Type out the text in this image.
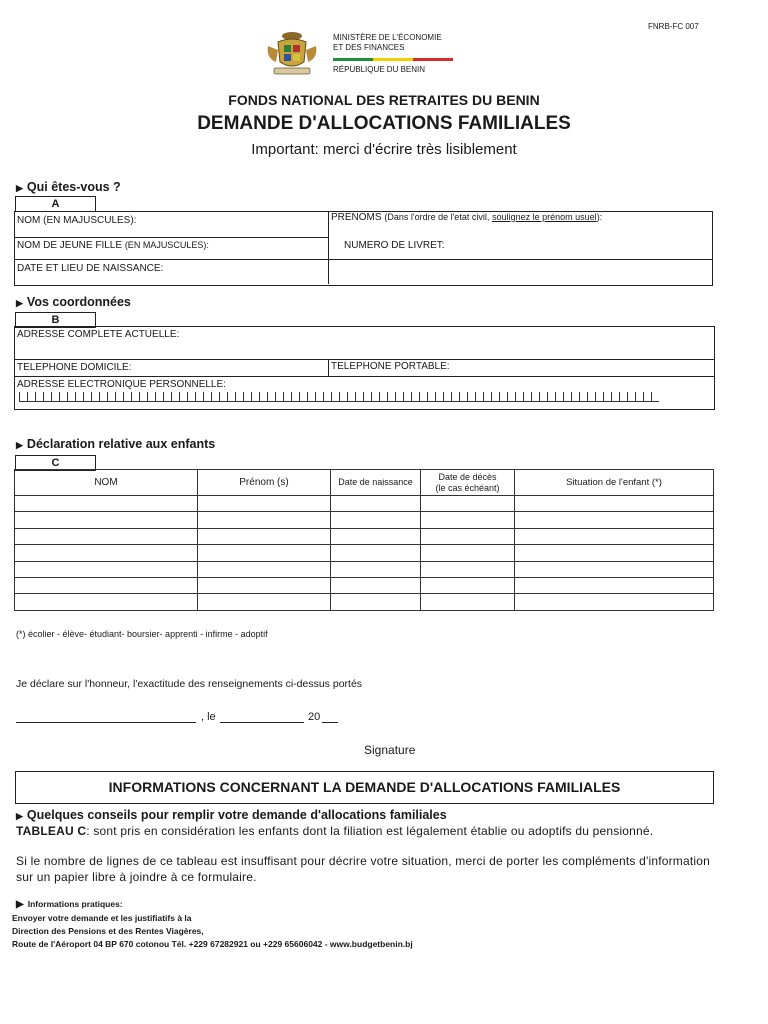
FNRB-FC 007
MINISTÈRE DE L'ÉCONOMIE
ET DES FINANCES
RÉPUBLIQUE DU BENIN
FONDS NATIONAL DES RETRAITES DU BENIN
DEMANDE D'ALLOCATIONS FAMILIALES
Important: merci d'écrire très lisiblement
▶ Qui êtes-vous ?
A
NOM (EN MAJUSCULES):	PRENOMS (Dans l'ordre de l'etat civil, soulignez le prénom usuel):
NOM DE JEUNE FILLE (EN MAJUSCULES):	NUMERO DE LIVRET:
DATE ET LIEU DE NAISSANCE:
▶ Vos coordonnées
B
ADRESSE COMPLETE ACTUELLE:
TELEPHONE DOMICILE:	TELEPHONE PORTABLE:
ADRESSE ELECTRONIQUE PERSONNELLE:
▶ Déclaration relative aux enfants
C
NOM	Prénom (s)	Date de naissance	Date de décès
(le cas échéant)	Situation de l'enfant (*)

(*) écolier - élève- étudiant- boursier- apprenti - infirme - adoptif
Je déclare sur l'honneur, l'exactitude des renseignements ci-dessus portés
, le	20
Signature
INFORMATIONS CONCERNANT LA DEMANDE D'ALLOCATIONS FAMILIALES
▶ Quelques conseils pour remplir votre demande d'allocations familiales
TABLEAU C: sont pris en considération les enfants dont la filiation est légalement établie ou adoptifs du pensionné.
Si le nombre de lignes de ce tableau est insuffisant pour décrire votre situation, merci de porter les compléments d'information sur un papier libre à joindre à ce formulaire.
▶ Informations pratiques:
Envoyer votre demande et les justifiatifs à la
Direction des Pensions et des Rentes Viagères,
Route de l'Aéroport 04 BP 670 cotonou Tél. +229 67282921 ou +229 65606042 - www.budgetbenin.bj
